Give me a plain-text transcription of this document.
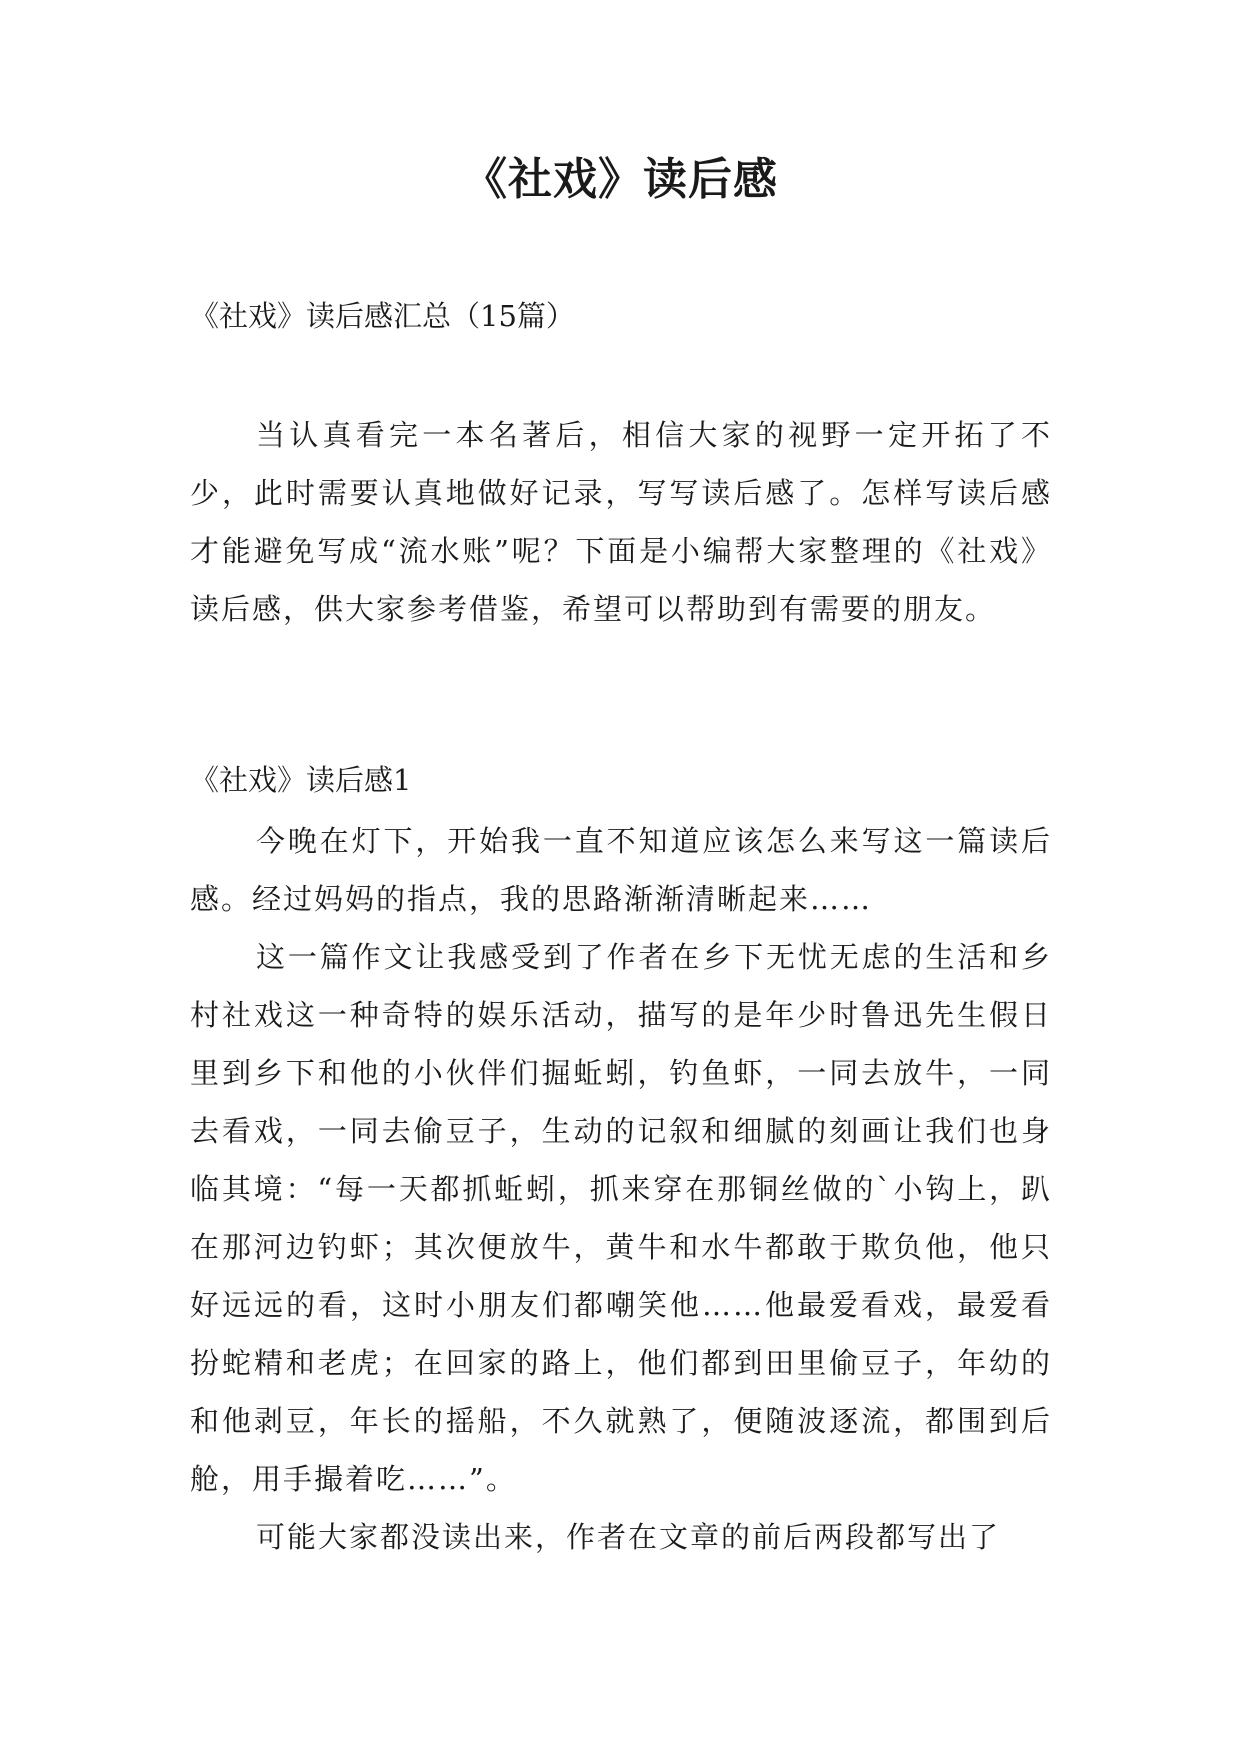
《社戏》读后感
《社戏》读后感汇总（15篇）
当认真看完一本名著后，相信大家的视野一定开拓了不少，此时需要认真地做好记录，写写读后感了。怎样写读后感才能避免写成“流水账”呢？下面是小编帮大家整理的《社戏》读后感，供大家参考借鉴，希望可以帮助到有需要的朋友。
《社戏》读后感1
今晚在灯下，开始我一直不知道应该怎么来写这一篇读后感。经过妈妈的指点，我的思路渐渐清晰起来……
这一篇作文让我感受到了作者在乡下无忧无虑的生活和乡村社戏这一种奇特的娱乐活动，描写的是年少时鲁迅先生假日里到乡下和他的小伙伴们掘蚯蚓，钓鱼虾，一同去放牛，一同去看戏，一同去偷豆子，生动的记叙和细腻的刻画让我们也身临其境：“每一天都抓蚯蚓，抓来穿在那铜丝做的`小钩上，趴在那河边钓虾；其次便放牛，黄牛和水牛都敢于欺负他，他只好远远的看，这时小朋友们都嘲笑他……他最爱看戏，最爱看扮蛇精和老虎；在回家的路上，他们都到田里偷豆子，年幼的和他剥豆，年长的摇船，不久就熟了，便随波逐流，都围到后舱，用手撮着吃……”。
可能大家都没读出来，作者在文章的前后两段都写出了
